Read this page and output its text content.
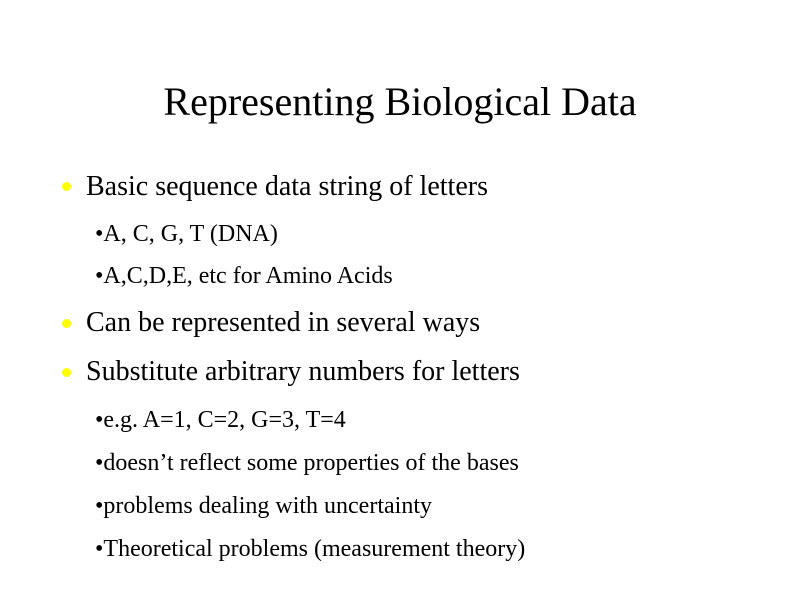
Representing Biological Data
Basic sequence data string of letters
•A, C, G, T (DNA)
•A,C,D,E, etc for Amino Acids
Can be represented in several ways
Substitute arbitrary numbers for letters
•e.g. A=1, C=2, G=3, T=4
•doesn’t reflect some properties of the bases
•problems dealing with uncertainty
•Theoretical problems (measurement theory)
